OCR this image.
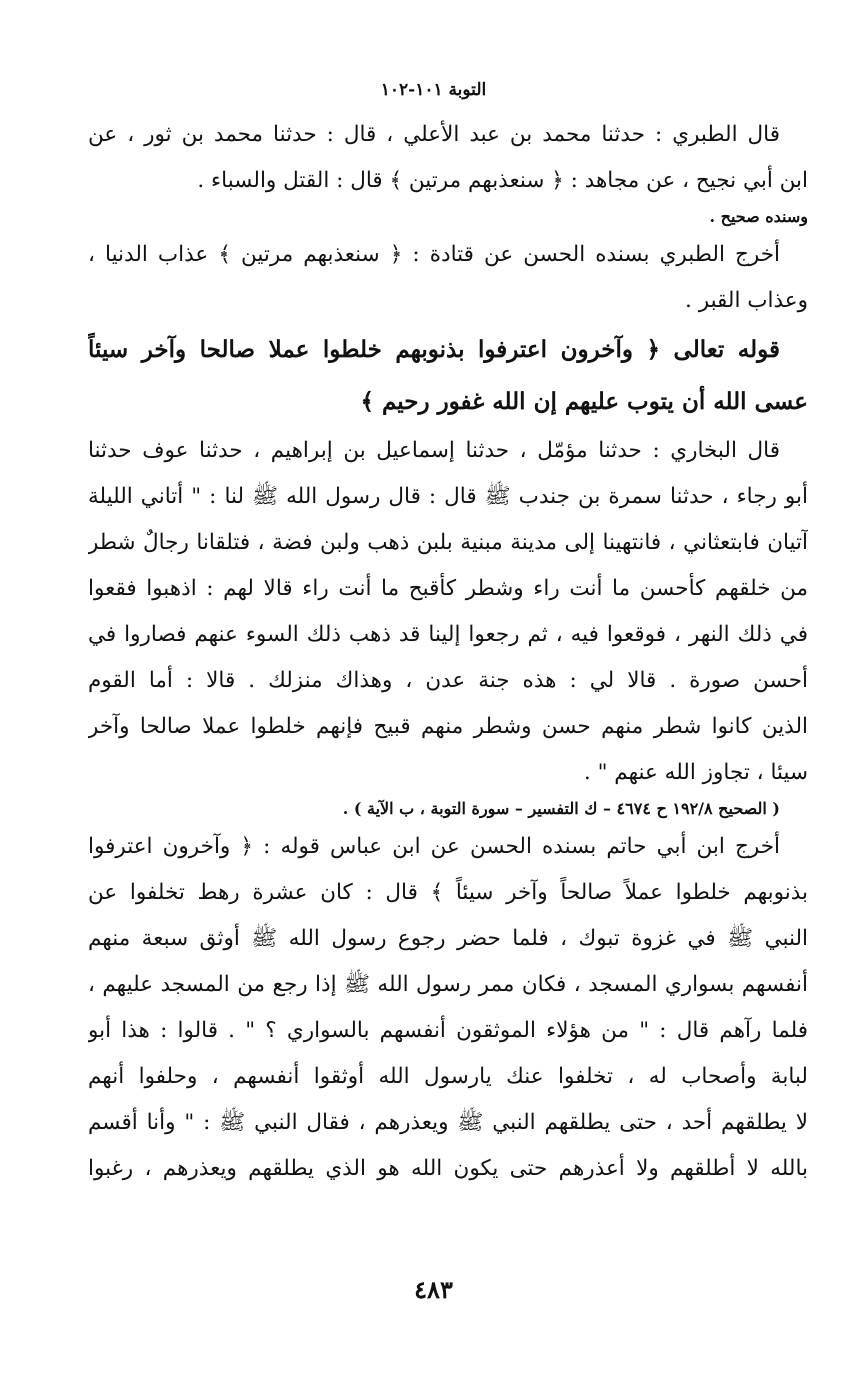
التوبة ١٠١-١٠٢
قال الطبري : حدثنا محمد بن عبد الأعلي ، قال : حدثنا محمد بن ثور ، عن
ابن أبي نجيح ، عن مجاهد : ﴿ سنعذبهم مرتين ﴾ قال : القتل والسباء .
وسنده صحيح .
أخرج الطبري بسنده الحسن عن قتادة : ﴿ سنعذبهم مرتين ﴾ عذاب الدنيا ،
وعذاب القبر .
قوله تعالى ﴿ وآخرون اعترفوا بذنوبهم خلطوا عملا صالحا وآخر سيئاً
عسى الله أن يتوب عليهم إن الله غفور رحيم ﴾
قال البخاري : حدثنا مؤمّل ، حدثنا إسماعيل بن إبراهيم ، حدثنا عوف حدثنا
أبو رجاء ، حدثنا سمرة بن جندب ﷺ قال : قال رسول الله ﷺ لنا : " أتاني الليلة
آتيان فابتعثاني ، فانتهينا إلى مدينة مبنية بلبن ذهب ولبن فضة ، فتلقانا رجالٌ شطر
من خلقهم كأحسن ما أنت راء وشطر كأقبح ما أنت راء قالا لهم : اذهبوا فقعوا
في ذلك النهر ، فوقعوا فيه ، ثم رجعوا إلينا قد ذهب ذلك السوء عنهم فصاروا في
أحسن صورة . قالا لي : هذه جنة عدن ، وهذاك منزلك . قالا : أما القوم
الذين كانوا شطر منهم حسن وشطر منهم قبيح فإنهم خلطوا عملا صالحا وآخر
سيئا ، تجاوز الله عنهم " .
( الصحيح ١٩٢/٨ ح ٤٦٧٤ – ك التفسير – سورة التوبة ، ب الآية ) .
أخرج ابن أبي حاتم بسنده الحسن عن ابن عباس قوله : ﴿ وآخرون اعترفوا
بذنوبهم خلطوا عملاً صالحاً وآخر سيئاً ﴾ قال : كان عشرة رهط تخلفوا عن
النبي ﷺ في غزوة تبوك ، فلما حضر رجوع رسول الله ﷺ أوثق سبعة منهم
أنفسهم بسواري المسجد ، فكان ممر رسول الله ﷺ إذا رجع من المسجد عليهم ،
فلما رآهم قال : " من هؤلاء الموثقون أنفسهم بالسواري ؟ " . قالوا : هذا أبو
لبابة وأصحاب له ، تخلفوا عنك يارسول الله أوثقوا أنفسهم ، وحلفوا أنهم
لا يطلقهم أحد ، حتى يطلقهم النبي ﷺ ويعذرهم ، فقال النبي ﷺ : " وأنا أقسم
بالله لا أطلقهم ولا أعذرهم حتى يكون الله هو الذي يطلقهم ويعذرهم ، رغبوا
٤٨٣
